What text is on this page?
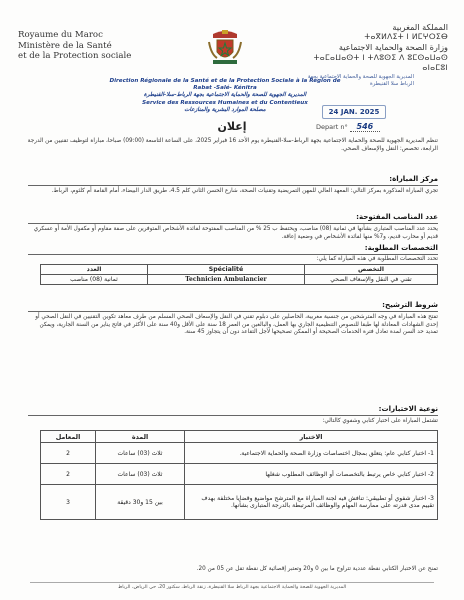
Royaume du Maroc
Ministère de la Santé
et de la Protection sociale
المملكة المغربية
ⵜⴰⴳⵍⴷⵉⵜ ⵏ ⵍⵎⵖⵔⵉⴱ
وزارة الصحة والحماية الاجتماعية
ⵜⴰⵎⴰⵡⴰⵙⵜ ⵏ ⵜⴷⵓⵙⵉ ⴷ ⵓⵎⵙⴰⵡⴰⵙ ⴰⵏⴰⵎⵓⵏ
Direction Régionale de la Santé et de la Protection Sociale à la Région de Rabat -Salé- Kénitra
المديرية الجهوية للصحة والحماية الاجتماعية بجهة الرباط-سلا-القنيطرة
Service des Ressources Humaines et du Contentieux
مصلحة الموارد البشرية والمنازعات
المديرية الجهوية للصحة والحماية الاجتماعية بجهة الرباط سلا القنيطرة
24 JAN. 2025
Depart n° 546
إعلان
تنظم المديرية الجهوية للصحة والحماية الاجتماعية بجهة الرباط-سلا-القنيطرة يوم الأحد 16 فبراير 2025، على الساعة التاسعة (09:00) صباحا، مباراة لتوظيف تقنيين من الدرجة الرابعة، تخصص: النقل والإسعاف الصحي.
مركز المباراة:
تجري المباراة المذكورة بمركز التالي: المعهد العالي للمهن التمريضية وتقنيات الصحة، شارع الحسن الثاني كلم 4.5، طريق الدار البيضاء، أمام القامة أم كلثوم، الرباط.
عدد المناصب المفتوحة:
يحدد عدد المناصب المتبارى بشأنها في ثمانية (08) مناصب، ويحتفظ ب 25 % من المناصب المفتوحة لفائدة الأشخاص المتوفرين على صفة مقاوم أو مكفول الأمة أو عسكري قديم أو محارب قديم، و7% منها لفائدة الأشخاص في وضعية إعاقة.
التخصصات المطلوبة:
تحدد التخصصات المطلوبة في هذه المباراة كما يلي:
العدد	Spécialité	التخصص
ثمانية (08) مناصب	Technicien Ambulancier	تقني في النقل والإسعاف الصحي
شروط الترشيح:
تفتح هذه المباراة في وجه المترشحين من جنسية مغربية، الحاصلين على دبلوم تقني في النقل والإسعاف الصحي المسلم من طرف معاهد تكوين التقنيين في النقل الصحي أو إحدى الشهادات المعادلة لها طبقا للنصوص التنظيمية الجاري بها العمل، والبالغين من العمر 18 سنة على الأقل و40 سنة على الأكثر في فاتح يناير من السنة الجارية، ويمكن تمديد حد السن لمدة تعادل فترة الخدمات الصحيحة أو الممكن تصحيحها لأجل التقاعد دون أن يتجاوز 45 سنة.
نوعية الاختبارات:
تشتمل المباراة على اختبار كتابي وشفوي كالتالي:
المعامل	المدة	الاختبار
2	ثلاث (03) ساعات	1- اختبار كتابي عام: يتعلق بمجال اختصاصات وزارة الصحة والحماية الاجتماعية.
2	ثلاث (03) ساعات	2- اختبار كتابي خاص يرتبط بالتخصصات أو الوظائف المطلوب شغلها
3	بين 15 و30 دقيقة	3- اختبار شفوي أو تطبيقي: تنافش فيه لجنة المباراة مع المترشح مواضيع وقضايا مختلفة بهدف تقييم مدى قدرته على ممارسة المهام والوظائف المرتبطة بالدرجة المتبارى بشأنها.
تمنح عن الاختبار الكتابي نقطة عددية تتراوح ما بين 0 و20 وتعتبر إقصائية كل نقطة تقل عن 05 من 20.
المديرية الجهوية للصحة والحماية الاجتماعية بجهة الرباط سلا القنيطرة، زنقة الرباط، سكتور 20، حي الرياض، الرباط
